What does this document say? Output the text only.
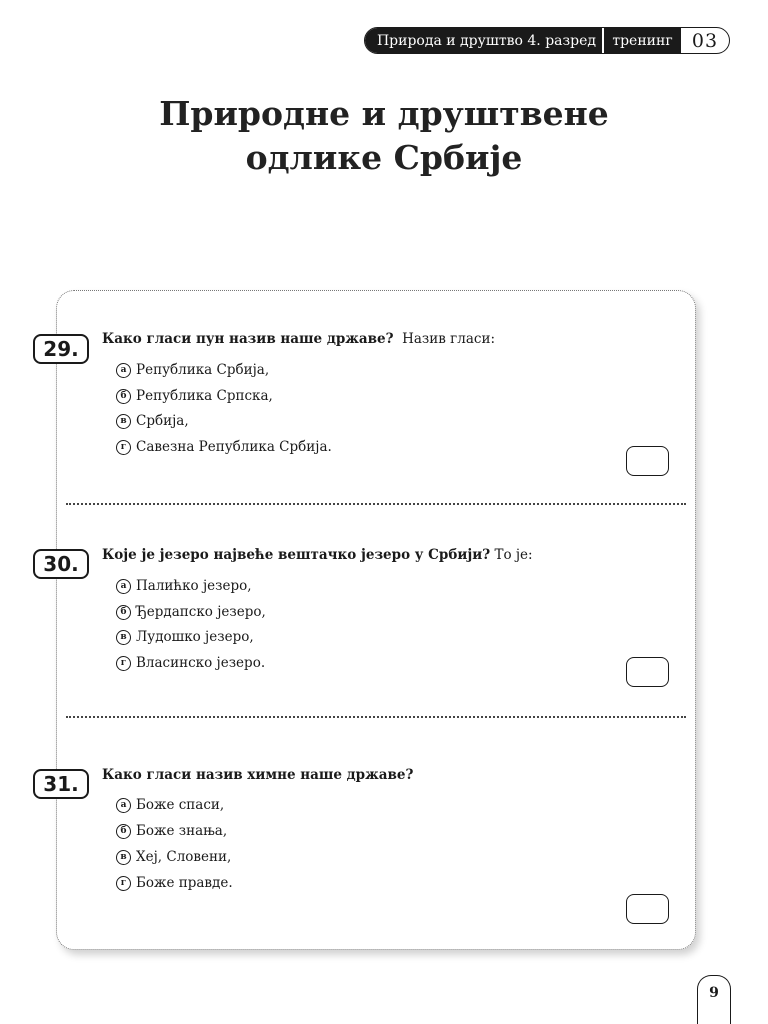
Природа и друштво 4. разред	тренинг	03
Природне и друштвене
одлике Србије
29.	Како гласи пун назив наше државе? Назив гласи:
а Република Србија,
б Република Српска,
в Србија,
г Савезна Република Србија.
30.	Које је језеро највеће вештачко језеро у Србији? То је:
а Палићко језеро,
б Ђердапско језеро,
в Лудошко језеро,
г Власинско језеро.
31.	Како гласи назив химне наше државе?
а Боже спаси,
б Боже знања,
в Хеј, Словени,
г Боже правде.
9
